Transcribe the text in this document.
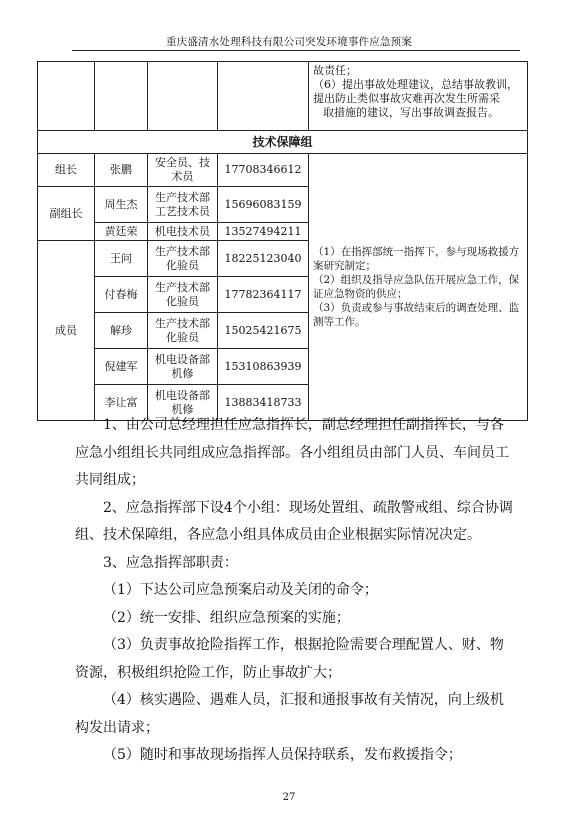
重庆盛清水处理科技有限公司突发环境事件应急预案

				故责任；
（6）提出事故处理建议，总结事故教训，
提出防止类似事故灾难再次发生所需采
取措施的建议，写出事故调查报告。

技术保障组				
组长	张鹏	安全员、技术员	17708346612	（1）在指挥部统一指挥下，参与现场救援方案研究制定；
（2）组织及指导应急队伍开展应急工作，保证应急物资的供应；
（3）负责或参与事故结束后的调查处理、监测等工作。

副组长	周生杰	生产技术部工艺技术员	15696083159	
	黄廷荣	机电技术员	13527494211	
成员	王问	生产技术部化验员	18225123040	
	付春梅	生产技术部化验员	17782364117	
	解珍	生产技术部化验员	15025421675	
	倪建军	机电设备部机修	15310863939	
	李让富	机电设备部机修	13883418733	

1、由公司总经理担任应急指挥长，副总经理担任副指挥长，与各应急小组组长共同组成应急指挥部。各小组组员由部门人员、车间员工共同组成；

2、应急指挥部下设4个小组：现场处置组、疏散警戒组、综合协调组、技术保障组，各应急小组具体成员由企业根据实际情况决定。

3、应急指挥部职责：

（1）下达公司应急预案启动及关闭的命令；

（2）统一安排、组织应急预案的实施；

（3）负责事故抢险指挥工作，根据抢险需要合理配置人、财、物资源，积极组织抢险工作，防止事故扩大；

（4）核实遇险、遇难人员，汇报和通报事故有关情况，向上级机构发出请求；

（5）随时和事故现场指挥人员保持联系，发布救援指令；

27
